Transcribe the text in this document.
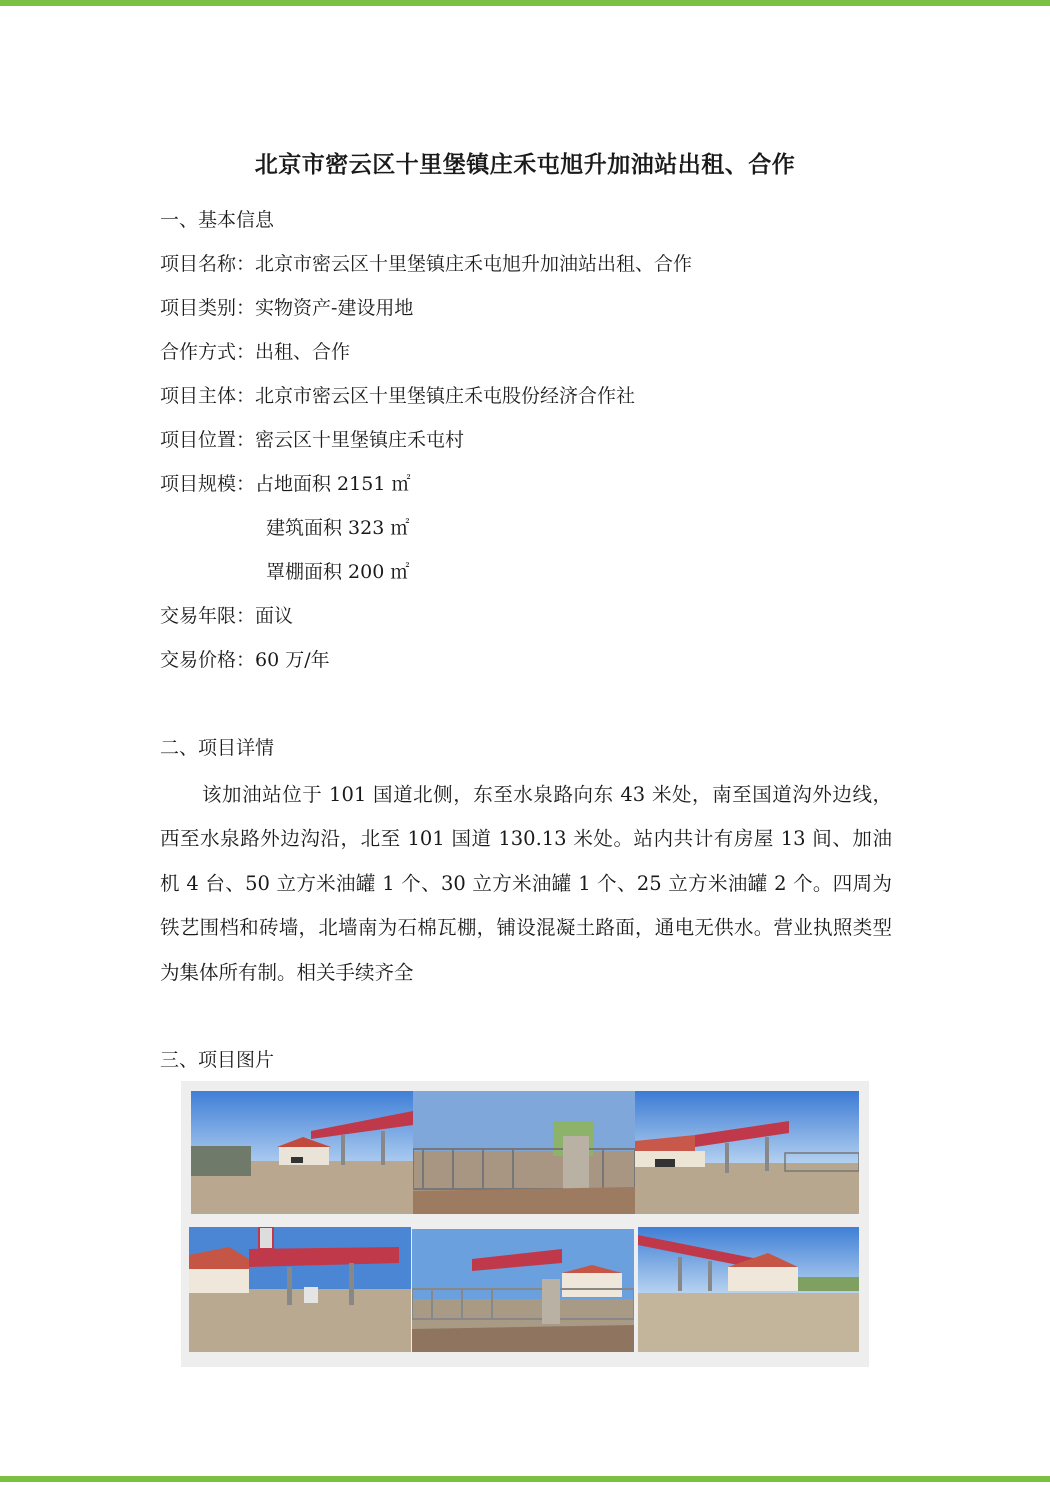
北京市密云区十里堡镇庄禾屯旭升加油站出租、合作
一、基本信息
项目名称：北京市密云区十里堡镇庄禾屯旭升加油站出租、合作
项目类别：实物资产-建设用地
合作方式：出租、合作
项目主体：北京市密云区十里堡镇庄禾屯股份经济合作社
项目位置：密云区十里堡镇庄禾屯村
项目规模：占地面积 2151 ㎡
建筑面积 323 ㎡
罩棚面积 200 ㎡
交易年限：面议
交易价格：60 万/年
二、项目详情
该加油站位于 101 国道北侧，东至水泉路向东 43 米处，南至国道沟外边线，西至水泉路外边沟沿，北至 101 国道 130.13 米处。站内共计有房屋 13 间、加油机 4 台、50 立方米油罐 1 个、30 立方米油罐 1 个、25 立方米油罐 2 个。四周为铁艺围档和砖墙，北墙南为石棉瓦棚，铺设混凝土路面，通电无供水。营业执照类型为集体所有制。相关手续齐全
三、项目图片
